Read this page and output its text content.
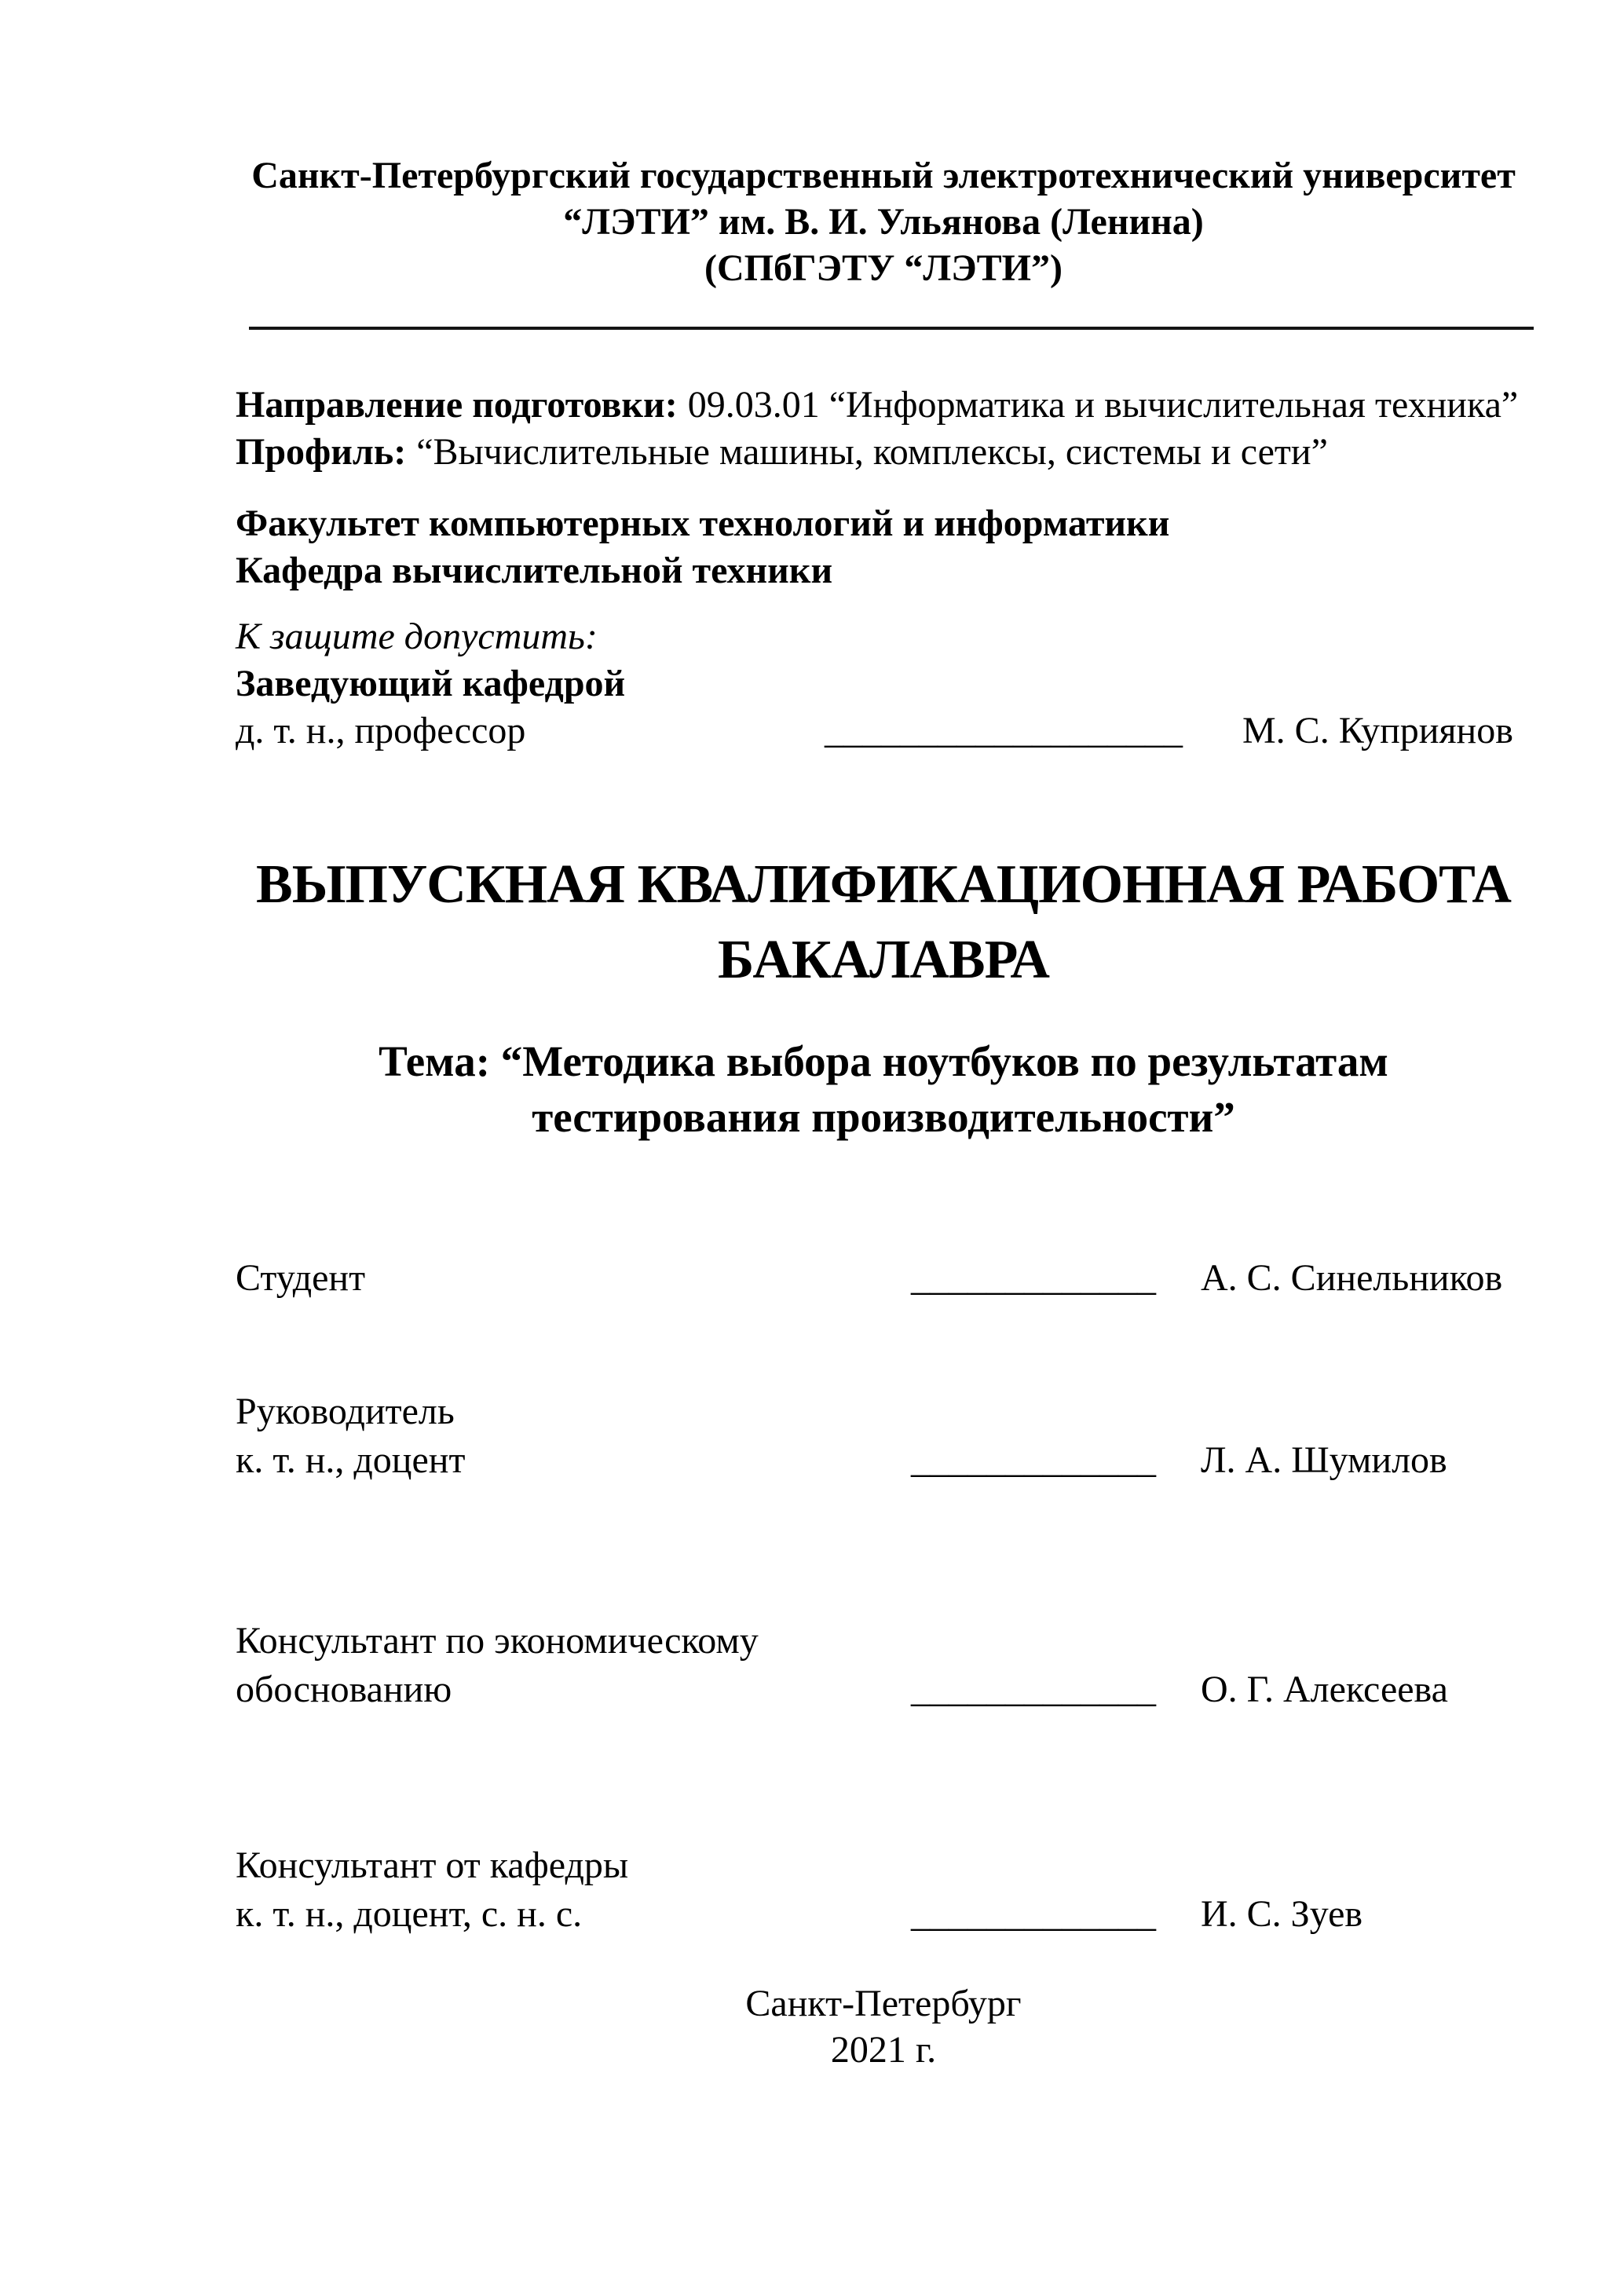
Санкт-Петербургский государственный электротехнический университет
“ЛЭТИ” им. В. И. Ульянова (Ленина)
(СПбГЭТУ “ЛЭТИ”)
Направление подготовки: 09.03.01 “Информатика и вычислительная техника”
Профиль: “Вычислительные машины, комплексы, системы и сети”
Факультет компьютерных технологий и информатики
Кафедра вычислительной техники
К защите допустить:
Заведующий кафедрой
д. т. н., профессор	___________________ М. С. Куприянов
ВЫПУСКНАЯ КВАЛИФИКАЦИОННАЯ РАБОТА
БАКАЛАВРА
Тема: “Методика выбора ноутбуков по результатам
тестирования производительности”
Студент	_____________ А. С. Синельников
Руководитель
к. т. н., доцент	_____________ Л. А. Шумилов
Консультант по экономическому
обоснованию	_____________ О. Г. Алексеева
Консультант от кафедры
к. т. н., доцент, с. н. с.	_____________ И. С. Зуев
Санкт-Петербург
2021 г.
